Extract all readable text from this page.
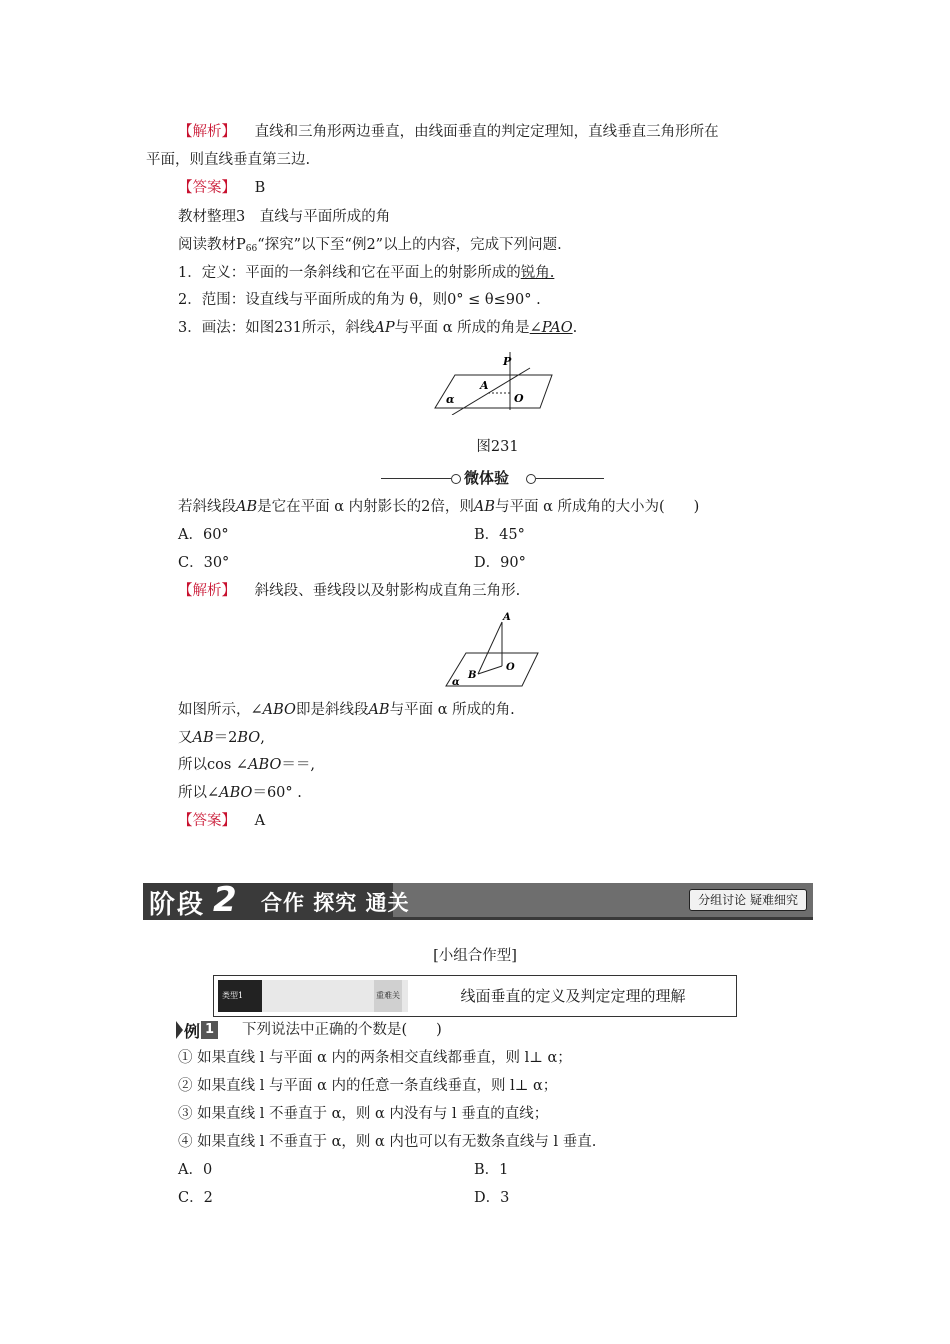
【解析】 直线和三角形两边垂直，由线面垂直的判定定理知，直线垂直三角形所在
平面，则直线垂直第三边.
【答案】 B
教材整理3　直线与平面所成的角
阅读教材$P_{66}“$探究”以下至“例2”以上的内容，完成下列问题.
1．定义：平面的一条斜线和它在平面上的射影所成的锐角.
2．范围：设直线与平面所成的角为 θ，则0° ≤ θ≤90° .
3．画法：如图231所示，斜线AP与平面 α 所成的角是∠PAO.
P
A
O
α
图231
微体验
若斜线段AB是它在平面 α 内射影长的2倍，则AB与平面 α 所成角的大小为(　　)
A．60°	B．45°
C．30°	D．90°
【解析】 斜线段、垂线段以及射影构成直角三角形.
A
B
O
α
如图所示，∠ABO即是斜线段AB与平面 α 所成的角.
又AB＝2BO,
所以cos ∠ABO＝＝,
所以∠ABO＝60° .
【答案】 A
阶段 2 合作 探究 通关	分组讨论 疑难细究
[小组合作型]
类型1	重难关	线面垂直的定义及判定定理的理解
例 1 下列说法中正确的个数是(　　)
① 如果直线 l 与平面 α 内的两条相交直线都垂直，则 l⊥ α；
② 如果直线 l 与平面 α 内的任意一条直线垂直，则 l⊥ α；
③ 如果直线 l 不垂直于 α，则 α 内没有与 l 垂直的直线；
④ 如果直线 l 不垂直于 α，则 α 内也可以有无数条直线与 l 垂直.
A．0	B．1
C．2	D．3
